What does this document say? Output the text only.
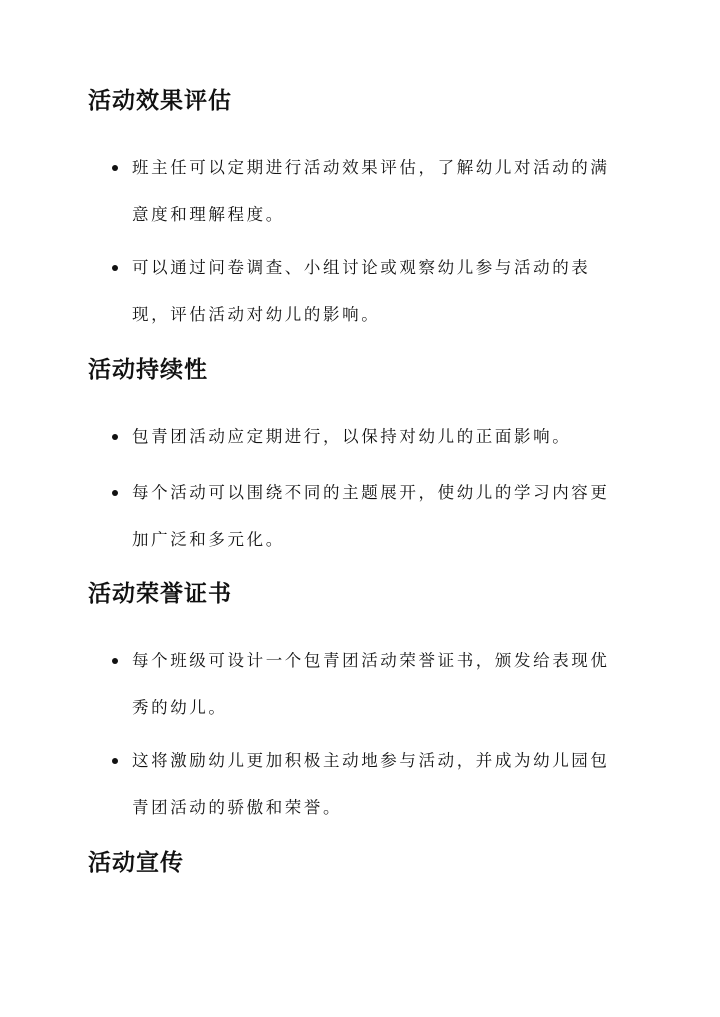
活动效果评估

班主任可以定期进行活动效果评估，了解幼儿对活动的满意度和理解程度。

可以通过问卷调查、小组讨论或观察幼儿参与活动的表现，评估活动对幼儿的影响。

活动持续性

包青团活动应定期进行，以保持对幼儿的正面影响。

每个活动可以围绕不同的主题展开，使幼儿的学习内容更加广泛和多元化。

活动荣誉证书

每个班级可设计一个包青团活动荣誉证书，颁发给表现优秀的幼儿。

这将激励幼儿更加积极主动地参与活动，并成为幼儿园包青团活动的骄傲和荣誉。

活动宣传
